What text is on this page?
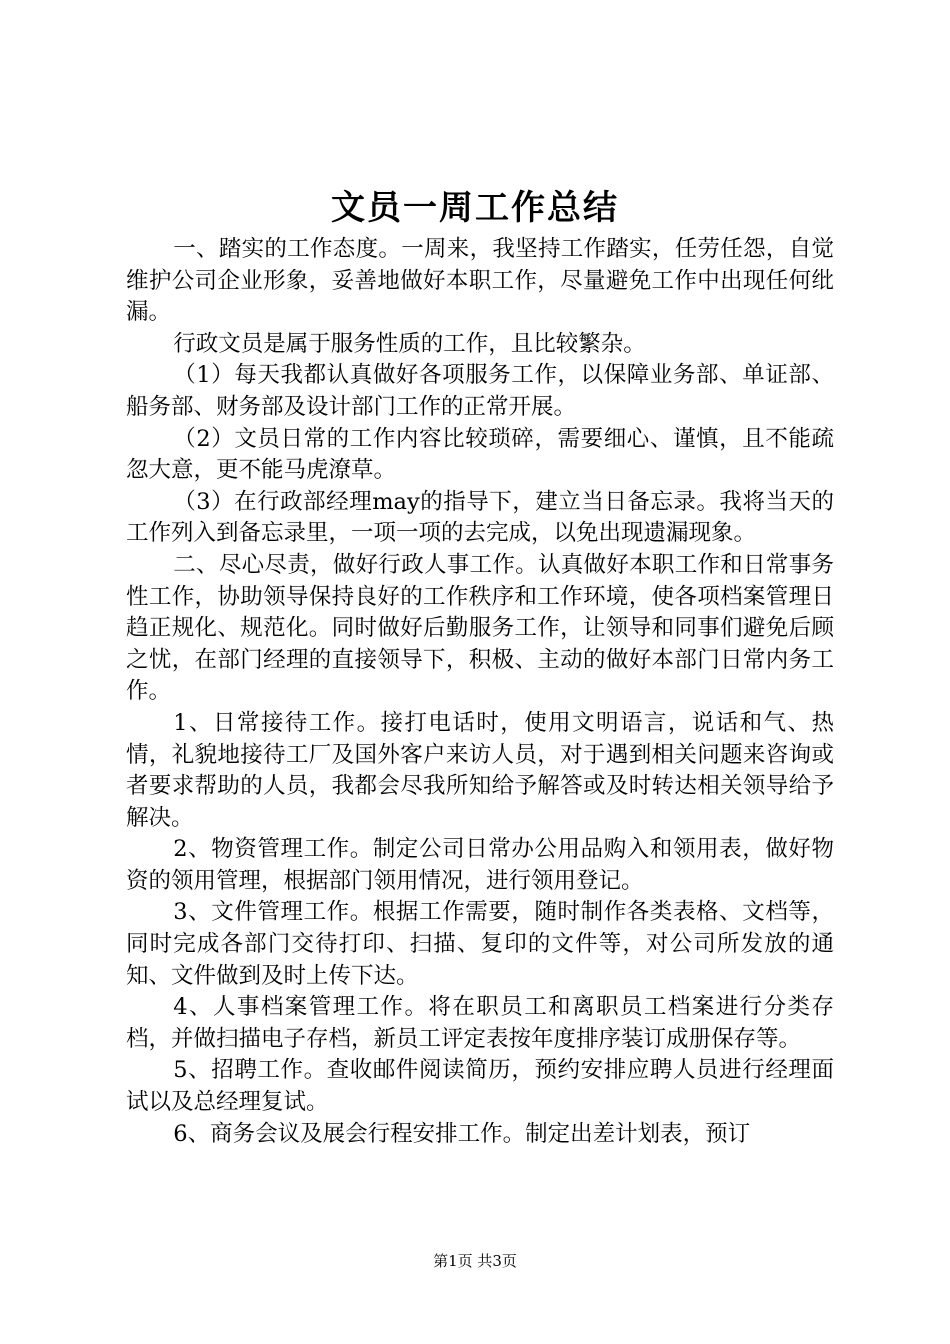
文员一周工作总结

一、踏实的工作态度。一周来，我坚持工作踏实，任劳任怨，自觉维护公司企业形象，妥善地做好本职工作，尽量避免工作中出现任何纰漏。

行政文员是属于服务性质的工作，且比较繁杂。

（1）每天我都认真做好各项服务工作，以保障业务部、单证部、船务部、财务部及设计部门工作的正常开展。

（2）文员日常的工作内容比较琐碎，需要细心、谨慎，且不能疏忽大意，更不能马虎潦草。

（3）在行政部经理may的指导下，建立当日备忘录。我将当天的工作列入到备忘录里，一项一项的去完成，以免出现遗漏现象。

二、尽心尽责，做好行政人事工作。认真做好本职工作和日常事务性工作，协助领导保持良好的工作秩序和工作环境，使各项档案管理日趋正规化、规范化。同时做好后勤服务工作，让领导和同事们避免后顾之忧，在部门经理的直接领导下，积极、主动的做好本部门日常内务工作。

1、日常接待工作。接打电话时，使用文明语言，说话和气、热情，礼貌地接待工厂及国外客户来访人员，对于遇到相关问题来咨询或者要求帮助的人员，我都会尽我所知给予解答或及时转达相关领导给予解决。

2、物资管理工作。制定公司日常办公用品购入和领用表，做好物资的领用管理，根据部门领用情况，进行领用登记。

3、文件管理工作。根据工作需要，随时制作各类表格、文档等，同时完成各部门交待打印、扫描、复印的文件等，对公司所发放的通知、文件做到及时上传下达。

4、人事档案管理工作。将在职员工和离职员工档案进行分类存档，并做扫描电子存档，新员工评定表按年度排序装订成册保存等。

5、招聘工作。查收邮件阅读简历，预约安排应聘人员进行经理面试以及总经理复试。

6、商务会议及展会行程安排工作。制定出差计划表，预订

第1页 共3页
